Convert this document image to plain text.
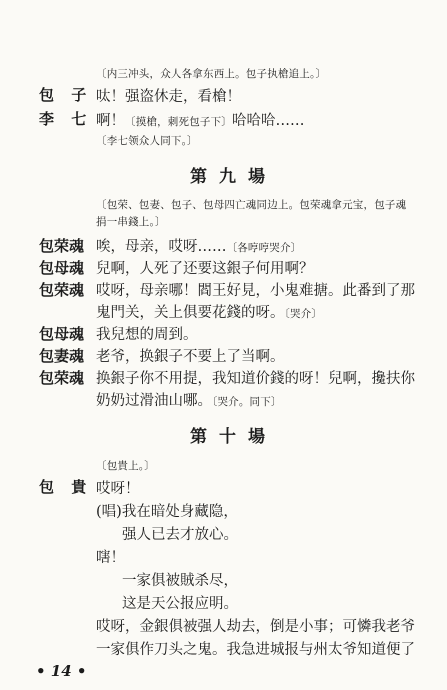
〔内三冲头，众人各拿东西上。包子执槍追上。〕
包 子 呔！强盗休走，看槍！
李 七 啊！〔摸槍，刺死包子下〕哈哈哈……
〔李七领众人同下。〕
第九場
〔包荣、包妻、包子、包母四亡魂同边上。包荣魂拿元宝，包子魂
捐一串錢上。〕
包荣魂 唉，母亲，哎呀……〔各哼哼哭介〕
包母魂 兒啊，人死了还要这銀子何用啊？
包荣魂 哎呀，母亲哪！閻王好見，小鬼难搪。此番到了那
鬼門关，关上俱要花錢的呀。〔哭介〕
包母魂 我兒想的周到。
包妻魂 老爷，换銀子不要上了当啊。
包荣魂 换銀子你不用提，我知道价錢的呀！兒啊，攙扶你
奶奶过滑油山哪。〔哭介。同下〕
第十場
〔包貴上。〕
包 貴 哎呀！
(唱)我在暗处身藏隐，
强人已去才放心。
嗐！
一家俱被賊杀尽，
这是天公报应明。
哎呀，金銀俱被强人劫去，倒是小事；可憐我老爷
一家俱作刀头之鬼。我急进城报与州太爷知道便了
• 14 •
